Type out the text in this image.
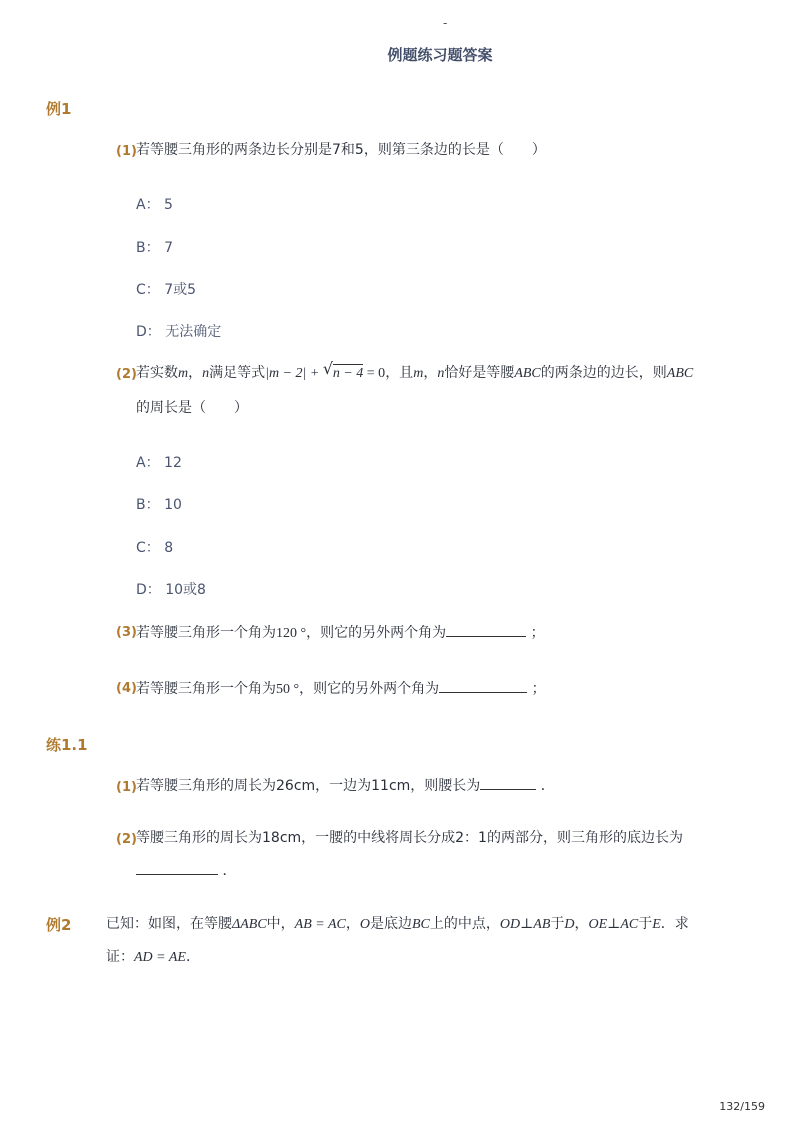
-
例题练习题答案
例1
(1) 若等腰三角形的两条边长分别是7和5，则第三条边的长是（　　）
A： 5
B： 7
C： 7或5
D： 无法确定
(2) 若实数m，n满足等式|m − 2| + √ n − 4 = 0，且m，n恰好是等腰ABC的两条边的边长，则ABC
的周长是（　　）
A： 12
B： 10
C： 8
D： 10或8
(3) 若等腰三角形一个角为120 °，则它的另外两个角为	；
(4) 若等腰三角形一个角为50 °，则它的另外两个角为	；
练1.1
(1) 若等腰三角形的周长为26cm，一边为11cm，则腰长为	．
(2) 等腰三角形的周长为18cm，一腰的中线将周长分成2：1的两部分，则三角形的底边长为
．
例2 已知：如图，在等腰ΔABC中，AB = AC，O是底边BC上的中点，OD⊥AB于D，OE⊥AC于E．求
证：AD = AE．
132/159
